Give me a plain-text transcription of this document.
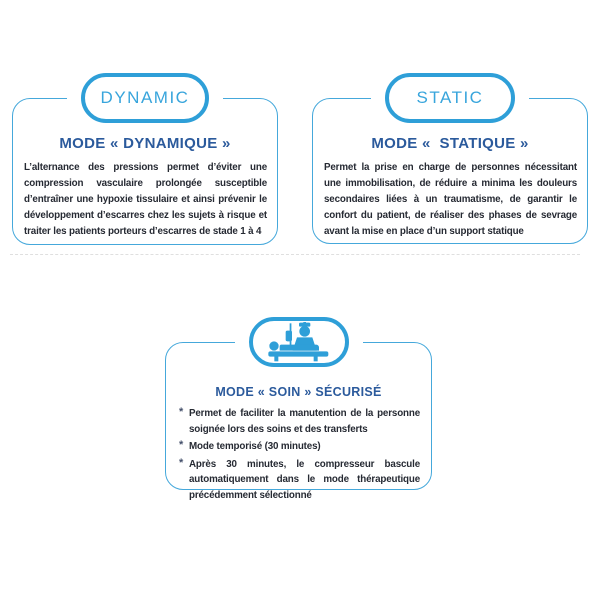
DYNAMIC
MODE « DYNAMIQUE »

L’alternance des pressions permet d’éviter une compression vasculaire prolongée susceptible d’entraîner une hypoxie tissulaire et ainsi prévenir le développement d’escarres chez les sujets à risque et traiter les patients porteurs d’escarres de stade 1 à 4

STATIC
MODE «  STATIQUE »

Permet la prise en charge de personnes nécessitant une immobilisation, de réduire a minima les douleurs secondaires liées à un traumatisme, de garantir le confort du patient, de réaliser des phases de sevrage avant la mise en place d’un support statique

MODE « SOIN » SÉCURISÉ
* Permet de faciliter la manutention de la personne soignée lors des soins et des transferts

* Mode temporisé (30 minutes)

* Après 30 minutes, le compresseur bascule automatiquement dans le mode thérapeutique précédemment sélectionné
